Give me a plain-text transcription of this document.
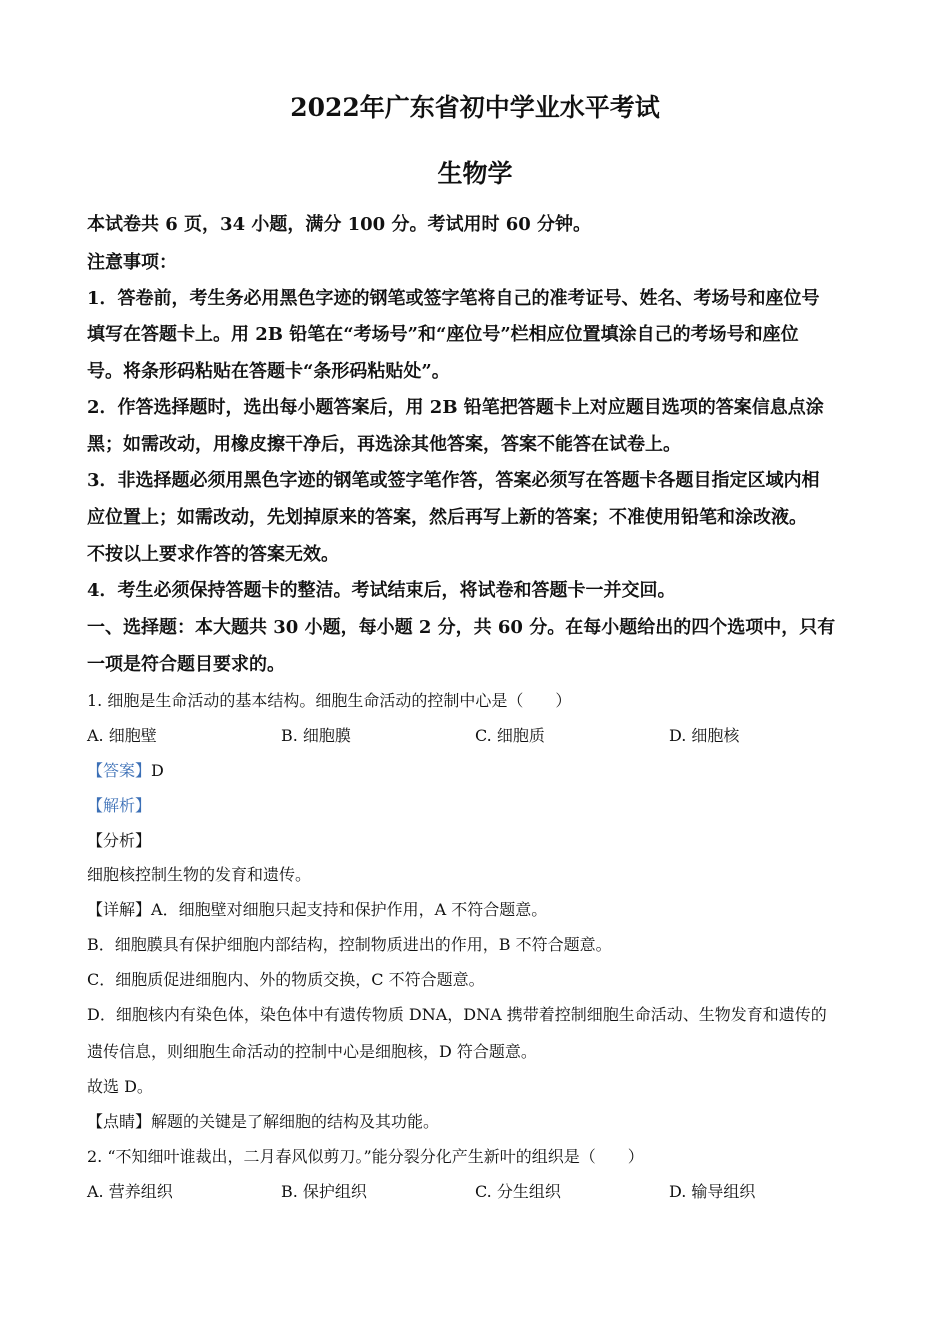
2022年广东省初中学业水平考试
生物学
本试卷共 6 页，34 小题，满分 100 分。考试用时 60 分钟。
注意事项：
1．答卷前，考生务必用黑色字迹的钢笔或签字笔将自己的准考证号、姓名、考场号和座位号
填写在答题卡上。用 2B 铅笔在“考场号”和“座位号”栏相应位置填涂自己的考场号和座位
号。将条形码粘贴在答题卡“条形码粘贴处”。
2．作答选择题时，选出每小题答案后，用 2B 铅笔把答题卡上对应题目选项的答案信息点涂
黑；如需改动，用橡皮擦干净后，再选涂其他答案，答案不能答在试卷上。
3．非选择题必须用黑色字迹的钢笔或签字笔作答，答案必须写在答题卡各题目指定区域内相
应位置上；如需改动，先划掉原来的答案，然后再写上新的答案；不准使用铅笔和涂改液。
不按以上要求作答的答案无效。
4．考生必须保持答题卡的整洁。考试结束后，将试卷和答题卡一并交回。
一、选择题：本大题共 30 小题，每小题 2 分，共 60 分。在每小题给出的四个选项中，只有
一项是符合题目要求的。
1. 细胞是生命活动的基本结构。细胞生命活动的控制中心是（　　）
A. 细胞壁	B. 细胞膜	C. 细胞质	D. 细胞核
【答案】D
【解析】
【分析】
细胞核控制生物的发育和遗传。
【详解】A．细胞壁对细胞只起支持和保护作用，A 不符合题意。
B．细胞膜具有保护细胞内部结构，控制物质进出的作用，B 不符合题意。
C．细胞质促进细胞内、外的物质交换，C 不符合题意。
D．细胞核内有染色体，染色体中有遗传物质 DNA，DNA 携带着控制细胞生命活动、生物发育和遗传的
遗传信息，则细胞生命活动的控制中心是细胞核，D 符合题意。
故选 D。
【点睛】解题的关键是了解细胞的结构及其功能。
2. “不知细叶谁裁出，二月春风似剪刀。”能分裂分化产生新叶的组织是（　　）
A. 营养组织	B. 保护组织	C. 分生组织	D. 输导组织
